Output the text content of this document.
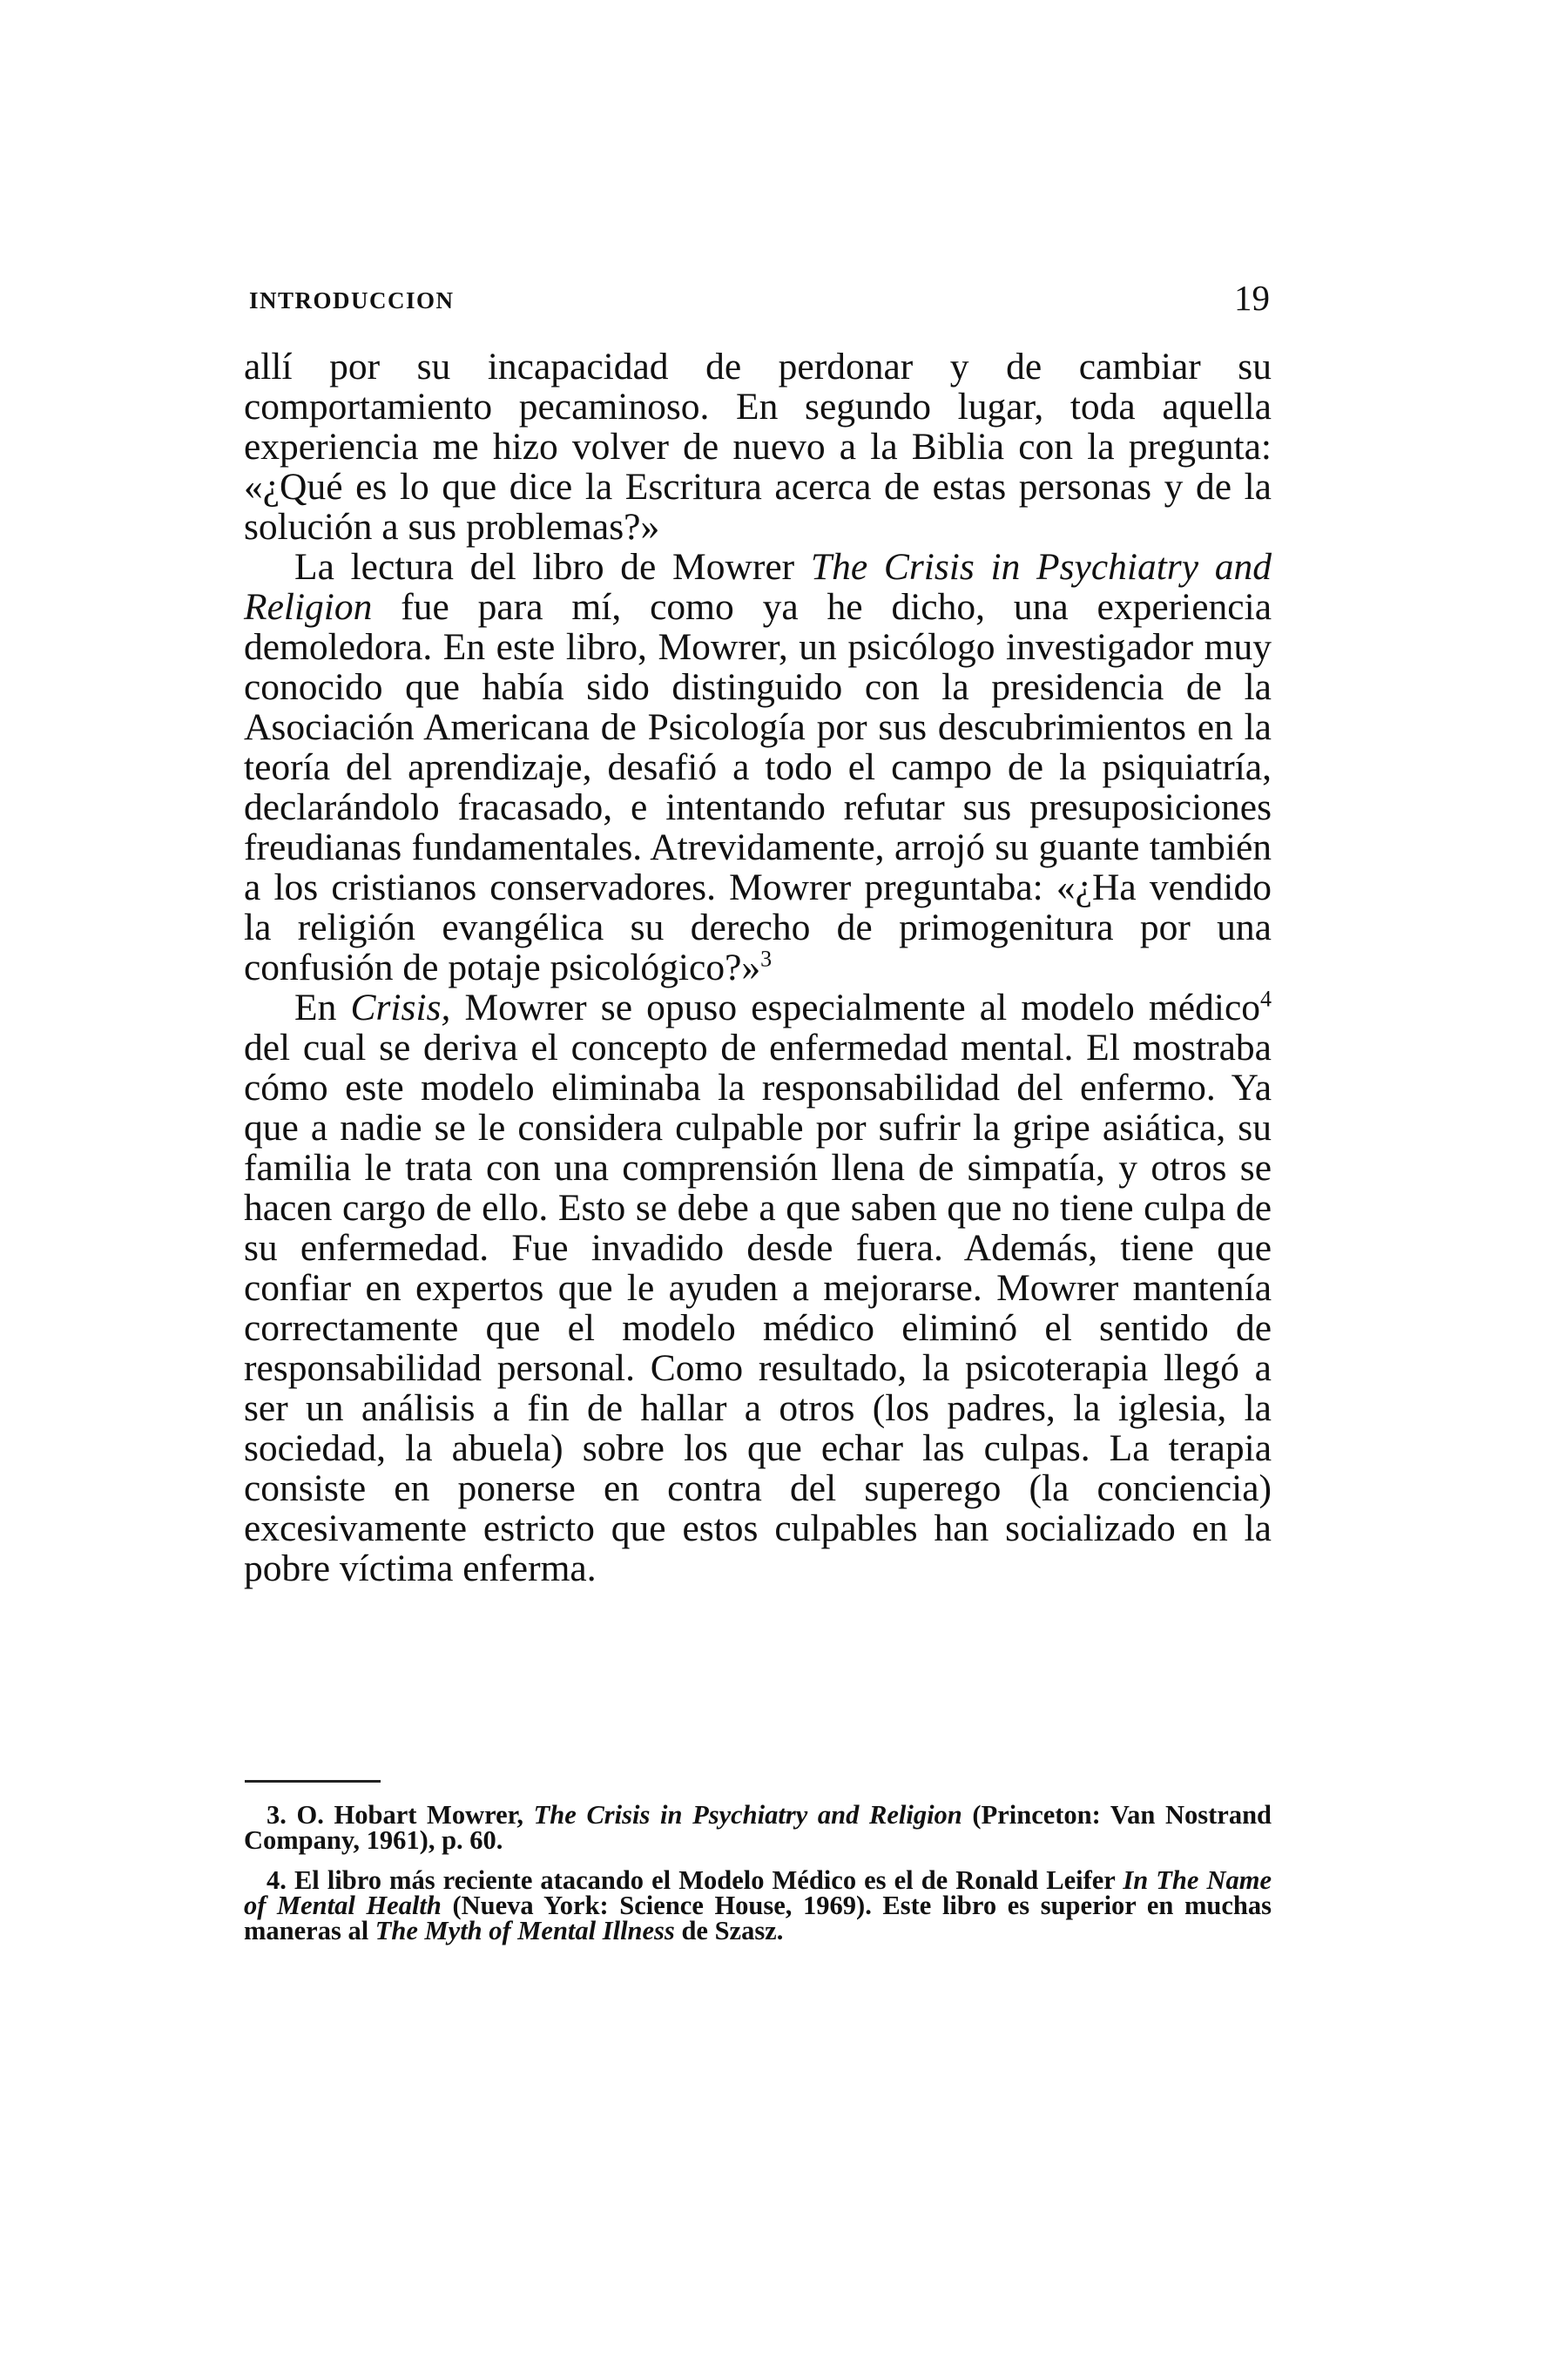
INTRODUCCION	19

allí por su incapacidad de perdonar y de cambiar su comportamiento pecaminoso. En segundo lugar, toda aquella experiencia me hizo volver de nuevo a la Biblia con la pregunta: «¿Qué es lo que dice la Escritura acerca de estas personas y de la solución a sus problemas?»

La lectura del libro de Mowrer The Crisis in Psychiatry and Religion fue para mí, como ya he dicho, una experiencia demoledora. En este libro, Mowrer, un psicólogo investigador muy conocido que había sido distinguido con la presidencia de la Asociación Americana de Psicología por sus descubrimientos en la teoría del aprendizaje, desafió a todo el campo de la psiquiatría, declarándolo fracasado, e intentando refutar sus presuposiciones freudianas fundamentales. Atrevidamente, arrojó su guante también a los cristianos conservadores. Mowrer preguntaba: «¿Ha vendido la religión evangélica su derecho de primogenitura por una confusión de potaje psicológico?»$^3$

En Crisis, Mowrer se opuso especialmente al modelo médico$^4$ del cual se deriva el concepto de enfermedad mental. El mostraba cómo este modelo eliminaba la responsabilidad del enfermo. Ya que a nadie se le considera culpable por sufrir la gripe asiática, su familia le trata con una comprensión llena de simpatía, y otros se hacen cargo de ello. Esto se debe a que saben que no tiene culpa de su enfermedad. Fue invadido desde fuera. Además, tiene que confiar en expertos que le ayuden a mejorarse. Mowrer mantenía correctamente que el modelo médico eliminó el sentido de responsabilidad personal. Como resultado, la psicoterapia llegó a ser un análisis a fin de hallar a otros (los padres, la iglesia, la sociedad, la abuela) sobre los que echar las culpas. La terapia consiste en ponerse en contra del superego (la conciencia) excesivamente estricto que estos culpables han socializado en la pobre víctima enferma.

3. O. Hobart Mowrer, The Crisis in Psychiatry and Religion (Princeton: Van Nostrand Company, 1961), p. 60.

4. El libro más reciente atacando el Modelo Médico es el de Ronald Leifer In The Name of Mental Health (Nueva York: Science House, 1969). Este libro es superior en muchas maneras al The Myth of Mental Illness de Szasz.
